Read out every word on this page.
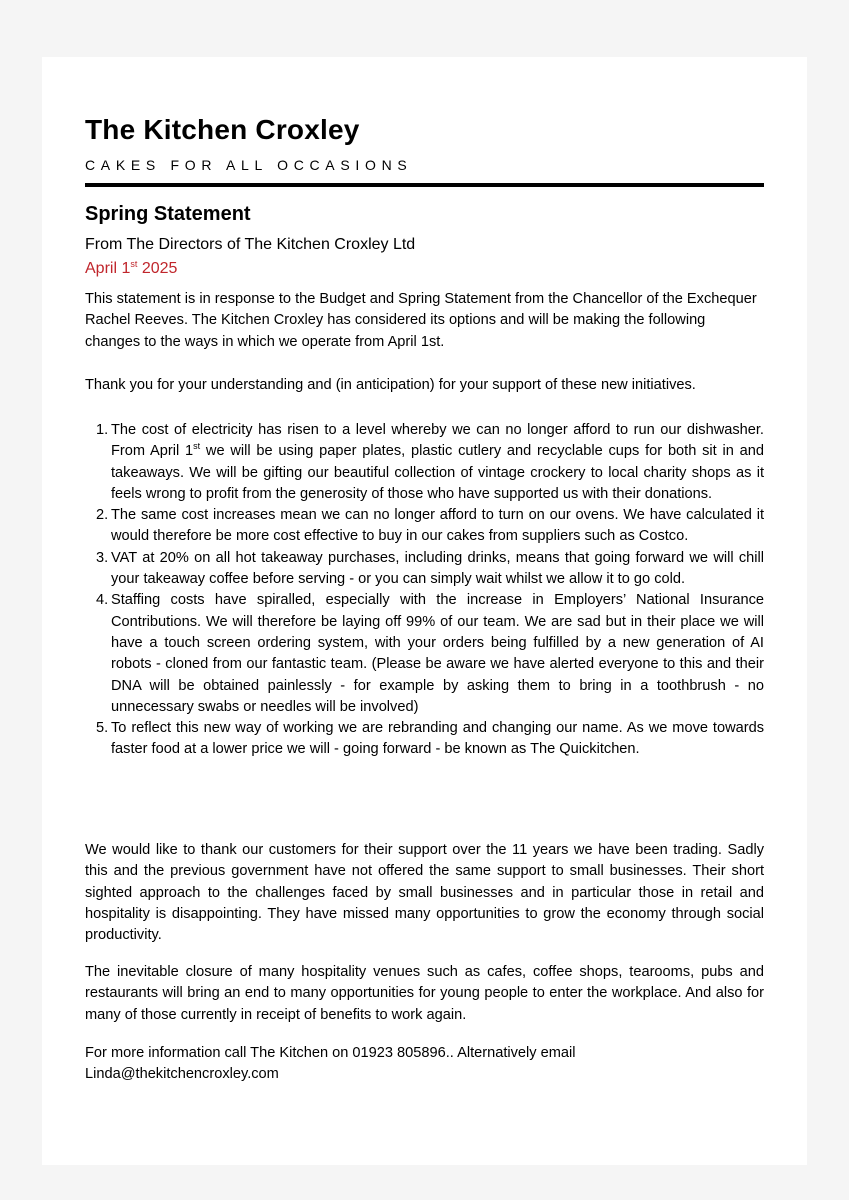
The Kitchen Croxley

CAKES FOR ALL OCCASIONS

Spring Statement

From The Directors of The Kitchen Croxley Ltd

April 1st 2025

This statement is in response to the Budget and Spring Statement from the Chancellor of the Exchequer Rachel Reeves. The Kitchen Croxley has considered its options and will be making the following changes to the ways in which we operate from April 1st.

Thank you for your understanding and (in anticipation) for your support of these new initiatives.

1. The cost of electricity has risen to a level whereby we can no longer afford to run our dishwasher. From April 1st we will be using paper plates, plastic cutlery and recyclable cups for both sit in and takeaways. We will be gifting our beautiful collection of vintage crockery to local charity shops as it feels wrong to profit from the generosity of those who have supported us with their donations.
2. The same cost increases mean we can no longer afford to turn on our ovens. We have calculated it would therefore be more cost effective to buy in our cakes from suppliers such as Costco.
3. VAT at 20% on all hot takeaway purchases, including drinks, means that going forward we will chill your takeaway coffee before serving - or you can simply wait whilst we allow it to go cold.
4. Staffing costs have spiralled, especially with the increase in Employers’ National Insurance Contributions. We will therefore be laying off 99% of our team. We are sad but in their place we will have a touch screen ordering system, with your orders being fulfilled by a new generation of AI robots - cloned from our fantastic team. (Please be aware we have alerted everyone to this and their DNA will be obtained painlessly - for example by asking them to bring in a toothbrush - no unnecessary swabs or needles will be involved)
5. To reflect this new way of working we are rebranding and changing our name. As we move towards faster food at a lower price we will - going forward - be known as The Quickitchen.

We would like to thank our customers for their support over the 11 years we have been trading. Sadly this and the previous government have not offered the same support to small businesses. Their short sighted approach to the challenges faced by small businesses and in particular those in retail and hospitality is disappointing. They have missed many opportunities to grow the economy through social productivity.

The inevitable closure of many hospitality venues such as cafes, coffee shops, tearooms, pubs and restaurants will bring an end to many opportunities for young people to enter the workplace. And also for many of those currently in receipt of benefits to work again.

For more information call The Kitchen on 01923 805896.. Alternatively email
Linda@thekitchencroxley.com
